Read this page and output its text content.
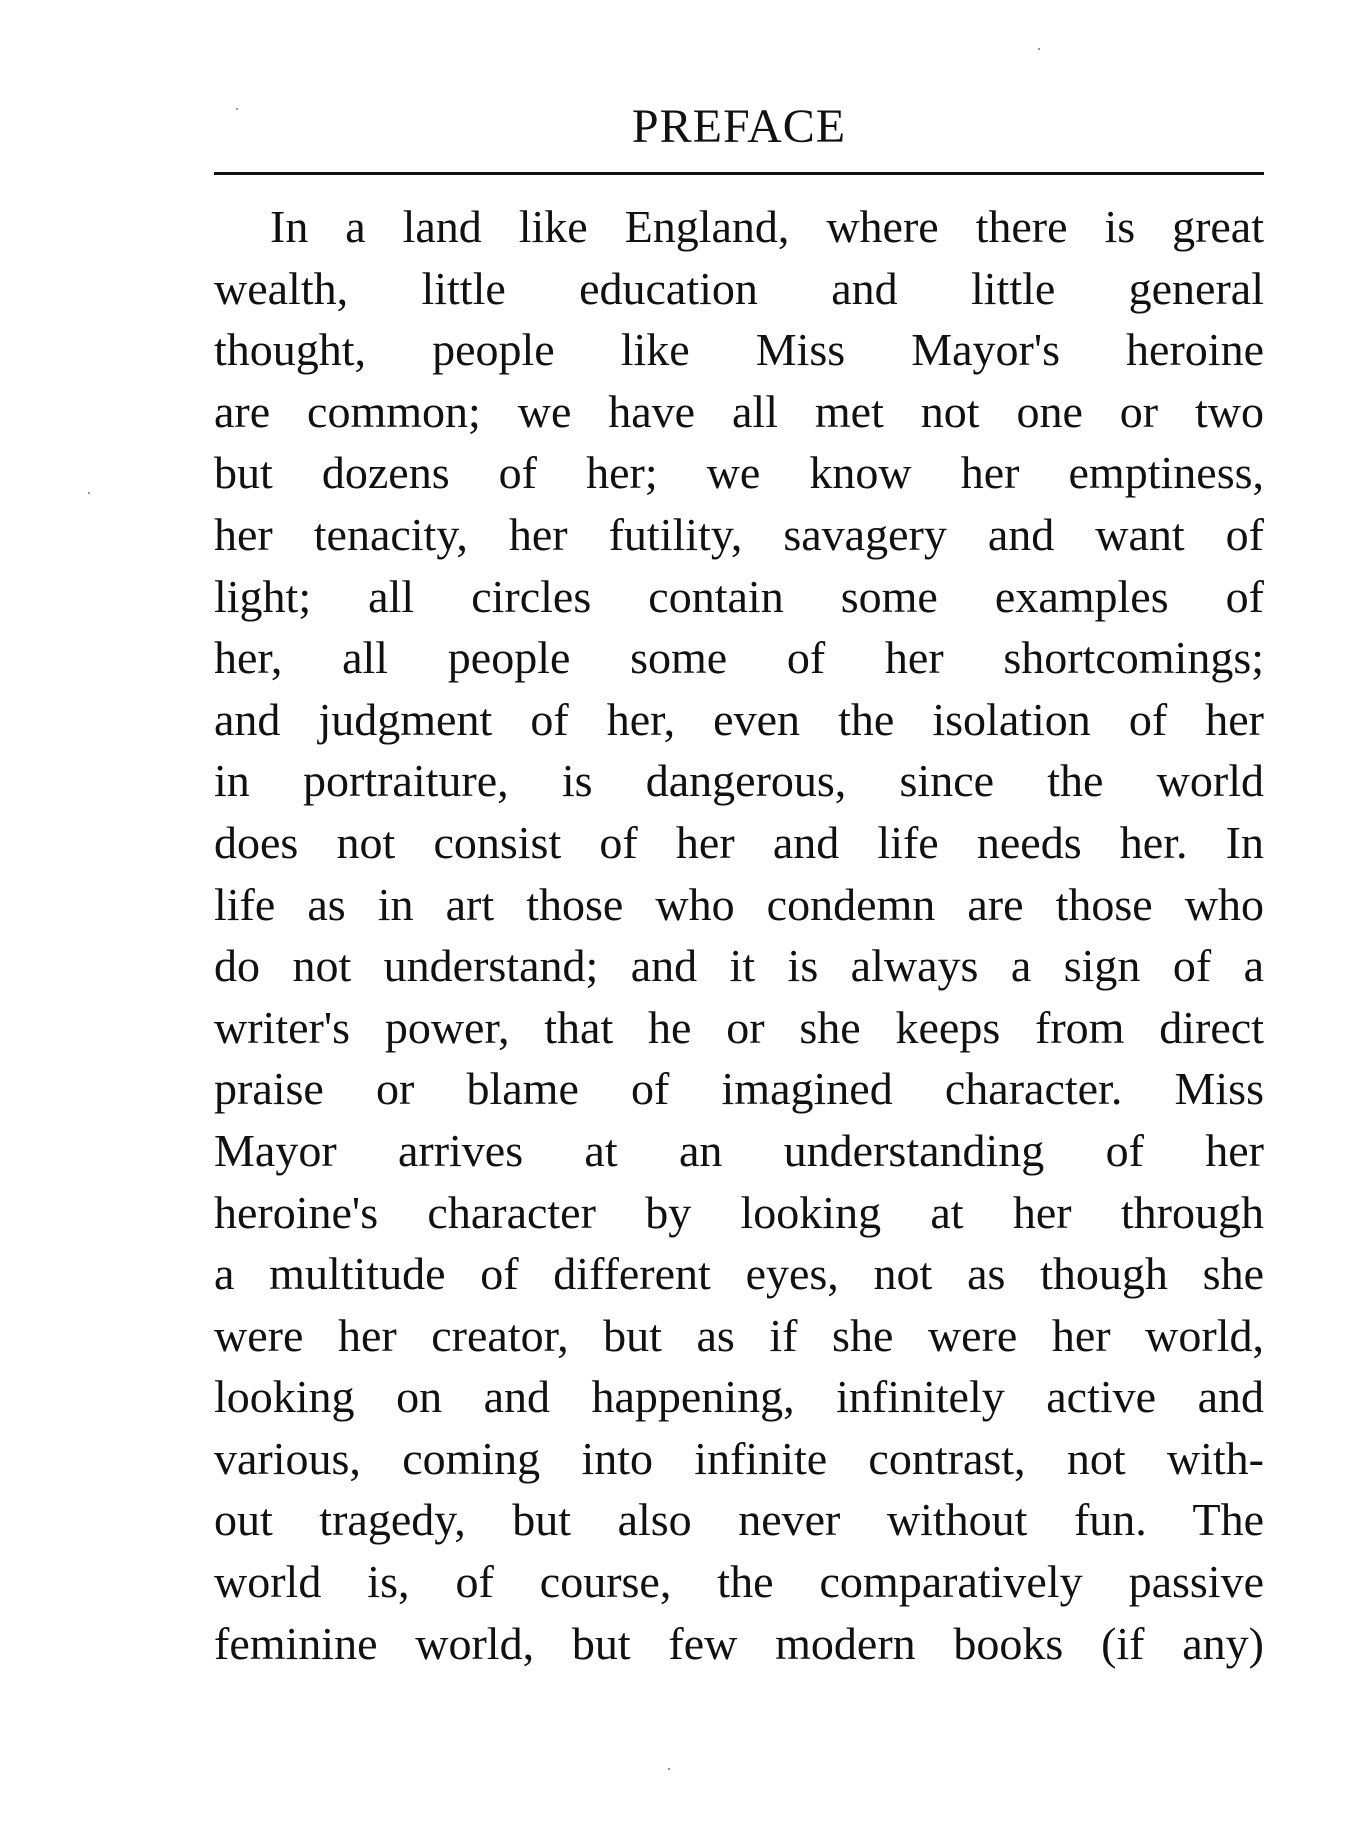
PREFACE
In a land like England, where there is great
wealth, little education and little general
thought, people like Miss Mayor's heroine
are common; we have all met not one or two
but dozens of her; we know her emptiness,
her tenacity, her futility, savagery and want of
light; all circles contain some examples of
her, all people some of her shortcomings;
and judgment of her, even the isolation of her
in portraiture, is dangerous, since the world
does not consist of her and life needs her. In
life as in art those who condemn are those who
do not understand; and it is always a sign of a
writer's power, that he or she keeps from direct
praise or blame of imagined character. Miss
Mayor arrives at an understanding of her
heroine's character by looking at her through
a multitude of different eyes, not as though she
were her creator, but as if she were her world,
looking on and happening, infinitely active and
various, coming into infinite contrast, not with-
out tragedy, but also never without fun. The
world is, of course, the comparatively passive
feminine world, but few modern books (if any)
